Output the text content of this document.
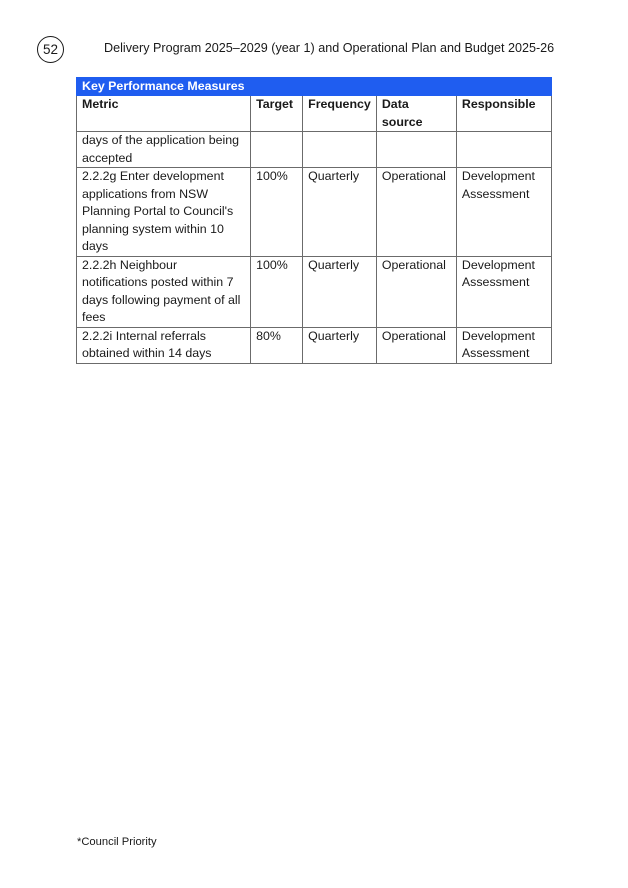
52	Delivery Program 2025–2029 (year 1) and Operational Plan and Budget 2025-26
Key Performance Measures				
Metric	Target	Frequency	Data source	Responsible
days of the application being accepted				
2.2.2g Enter development applications from NSW Planning Portal to Council's planning system within 10 days	100%	Quarterly	Operational	Development Assessment
2.2.2h Neighbour notifications posted within 7 days following payment of all fees	100%	Quarterly	Operational	Development Assessment
2.2.2i Internal referrals obtained within 14 days	80%	Quarterly	Operational	Development Assessment
*Council Priority
